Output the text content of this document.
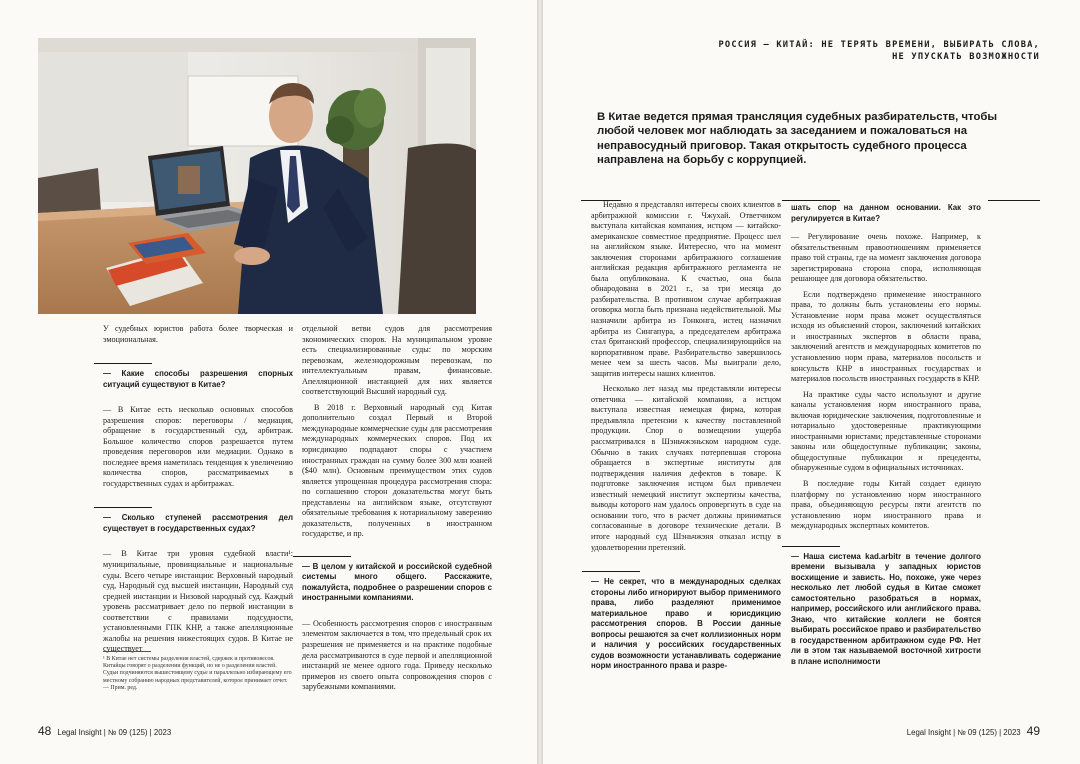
У судебных юристов работа более творческая и эмоциональная.

— Какие способы разрешения спорных ситуаций существуют в Китае?

— В Китае есть несколько основных способов разрешения споров: переговоры / медиация, обращение в государственный суд, арбитраж. Большое количество споров разрешается путем проведения переговоров или медиации. Однако в последнее время наметилась тенденция к увеличению количества споров, рассматриваемых в государственных судах и арбитражах.

— Сколько ступеней рассмотрения дел существует в государственных судах?

— В Китае три уровня судебной власти¹: муниципальные, провинциальные и национальные суды. Всего четыре инстанции: Верховный народный суд, Народный суд высшей инстанции, Народный суд средней инстанции и Низовой народный суд. Каждый уровень рассматривает дело по первой инстанции в соответствии с правилами подсудности, установленными ГПК КНР, а также апелляционные жалобы на решения нижестоящих судов. В Китае не существует

¹ В Китае нет системы разделения властей, сдержек и противовесов. Китайцы говорят о разделении функций, но не о разделении властей. Судьи подчиняются вышестоящему судье и параллельно избирающему его местному собранию народных представителей, которое принимает отчет. — Прим. ред.

отдельной ветви судов для рассмотрения экономических споров. На муниципальном уровне есть специализированные суды: по морским перевозкам, железнодорожным перевозкам, по интеллектуальным правам, финансовые. Апелляционной инстанцией для них является соответствующий Высший народный суд.

В 2018 г. Верховный народный суд Китая дополнительно создал Первый и Второй международные коммерческие суды для рассмотрения международных коммерческих споров. Под их юрисдикцию подпадают споры с участием иностранных граждан на сумму более 300 млн юаней ($40 млн). Основным преимуществом этих судов является упрощенная процедура рассмотрения спора: по соглашению сторон доказательства могут быть представлены на английском языке, отсутствуют обязательные требования к нотариальному заверению доказательств, полученных в иностранном государстве, и пр.

— В целом у китайской и российской судебной системы много общего. Расскажите, пожалуйста, подробнее о разрешении споров с иностранными компаниями.

— Особенность рассмотрения споров с иностранным элементом заключается в том, что предельный срок их разрешения не применяется и на практике подобные дела рассматриваются в суде первой и апелляционной инстанций не менее одного года. Приведу несколько примеров из своего опыта сопровождения споров с зарубежными компаниями.

48 Legal Insight | № 09 (125) | 2023
РОССИЯ – КИТАЙ: НЕ ТЕРЯТЬ ВРЕМЕНИ, ВЫБИРАТЬ СЛОВА, НЕ УПУСКАТЬ ВОЗМОЖНОСТИ
В Китае ведется прямая трансляция судебных разбирательств, чтобы любой человек мог наблюдать за заседанием и пожаловаться на неправосудный приговор. Такая открытость судебного процесса направлена на борьбу с коррупцией.

Недавно я представлял интересы своих клиентов в арбитражной комиссии г. Чжухай. Ответчиком выступала китайская компания, истцом — китайско-американское совместное предприятие. Процесс шел на английском языке. Интересно, что на момент заключения сторонами арбитражного соглашения английская редакция арбитражного регламента не была опубликована. К счастью, она была обнародована в 2021 г., за три месяца до разбирательства. В противном случае арбитражная оговорка могла быть признана недействительной. Мы назначили арбитра из Гонконга, истец назначил арбитра из Сингапура, а председателем арбитража стал британский профессор, специализирующийся на корпоративном праве. Разбирательство завершилось менее чем за шесть часов. Мы выиграли дело, защитив интересы наших клиентов.

Несколько лет назад мы представляли интересы ответчика — китайской компании, а истцом выступала известная немецкая фирма, которая предъявляла претензии к качеству поставленной продукции. Спор о возмещении ущерба рассматривался в Шэньчжэньском народном суде. Обычно в таких случаях потерпевшая сторона обращается в экспертные институты для подтверждения наличия дефектов в товаре. К подготовке заключения истцом был привлечен известный немецкий институт экспертизы качества, выводы которого нам удалось опровергнуть в суде на основании того, что в расчет должны приниматься согласованные в договоре технические детали. В итоге народный суд Шэньчжэня отказал истцу в удовлетворении претензий.

— Не секрет, что в международных сделках стороны либо игнорируют выбор применимого права, либо разделяют применимое материальное право и юрисдикцию рассмотрения споров. В России данные вопросы решаются за счет коллизионных норм и наличия у российских государственных судов возможности устанавливать содержание норм иностранного права и разре-
шать спор на данном основании. Как это регулируется в Китае?

— Регулирование очень похоже. Например, к обязательственным правоотношениям применяется право той страны, где на момент заключения договора зарегистрирована сторона спора, исполняющая решающее для договора обязательство.

Если подтверждено применение иностранного права, то должны быть установлены его нормы. Установление норм права может осуществляться исходя из объяснений сторон, заключений китайских и иностранных экспертов в области права, заключений агентств и международных комитетов по установлению норм права, материалов посольств и консульств КНР в иностранных государствах и материалов посольств иностранных государств в КНР.

На практике суды часто используют и другие каналы установления норм иностранного права, включая юридические заключения, подготовленные и нотариально удостоверенные практикующими иностранными юристами; представленные сторонами законы или общедоступные публикации; законы, общедоступные публикации и прецеденты, обнаруженные судом в официальных источниках.

В последние годы Китай создает единую платформу по установлению норм иностранного права, объединяющую ресурсы пяти агентств по установлению норм иностранного права и международных экспертных комитетов.

— Наша система kad.arbitr в течение долгого времени вызывала у западных юристов восхищение и зависть. Но, похоже, уже через несколько лет любой судья в Китае сможет самостоятельно разобраться в нормах, например, российского или английского права. Знаю, что китайские коллеги не боятся выбирать российское право и разбирательство в государственном арбитражном суде РФ. Нет ли в этом так называемой восточной хитрости в плане исполнимости
Legal Insight | № 09 (125) | 2023 49
